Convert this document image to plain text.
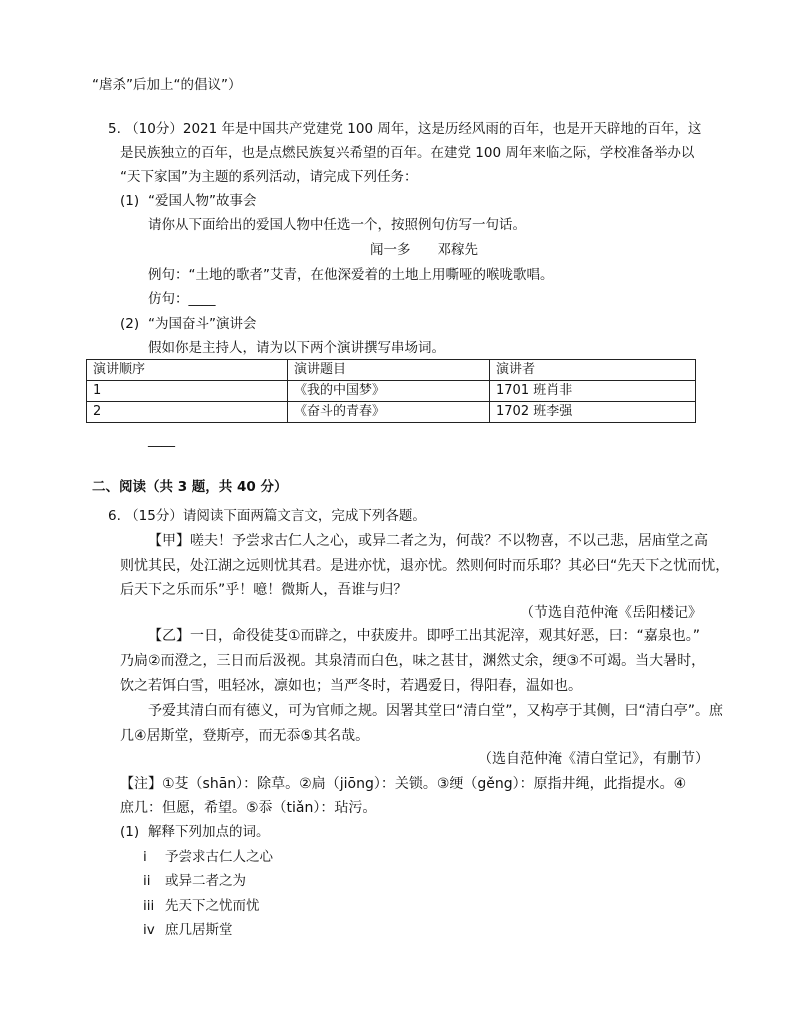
“虐杀”后加上“的倡议”）
5. （10分）2021 年是中国共产党建党 100 周年，这是历经风雨的百年，也是开天辟地的百年，这
是民族独立的百年，也是点燃民族复兴希望的百年。在建党 100 周年来临之际，学校准备举办以
“天下家国”为主题的系列活动，请完成下列任务：
(1) “爱国人物”故事会
请你从下面给出的爱国人物中任选一个，按照例句仿写一句话。
闻一多　　邓稼先
例句：“土地的歌者”艾青，在他深爱着的土地上用嘶哑的喉咙歌唱。
仿句：____
(2) “为国奋斗”演讲会
假如你是主持人，请为以下两个演讲撰写串场词。
演讲顺序	演讲题目	演讲者
1	《我的中国梦》	1701 班肖非
2	《奋斗的青春》	1702 班李强
____
二、阅读（共 3 题，共 40 分）
6. （15分）请阅读下面两篇文言文，完成下列各题。
【甲】嗟夫！予尝求古仁人之心，或异二者之为，何哉？不以物喜，不以己悲，居庙堂之高
则忧其民，处江湖之远则忧其君。是进亦忧，退亦忧。然则何时而乐耶？其必曰“先天下之忧而忧，
后天下之乐而乐”乎！噫！微斯人，吾谁与归？
（节选自范仲淹《岳阳楼记》
【乙】一日，命役徒芟①而辟之，中获废井。即呼工出其泥滓，观其好恶，曰：“嘉泉也。”
乃扃②而澄之，三日而后汲视。其泉清而白色，味之甚甘，渊然丈余，绠③不可竭。当大暑时，
饮之若饵白雪，咀轻冰，凛如也；当严冬时，若遇爱日，得阳春，温如也。
予爱其清白而有德义，可为官师之规。因署其堂曰“清白堂”，又构亭于其侧，曰“清白亭”。庶
几④居斯堂，登斯亭，而无忝⑤其名哉。
（选自范仲淹《清白堂记》，有删节）
【注】①芟（shān）：除草。②扃（jiōng）：关锁。③绠（gěng）：原指井绳，此指提水。④
庶几：但愿，希望。⑤忝（tiǎn）：玷污。
(1) 解释下列加点的词。
i 予尝求古仁人之心
ii 或异二者之为
iii 先天下之忧而忧
iv 庶几居斯堂
